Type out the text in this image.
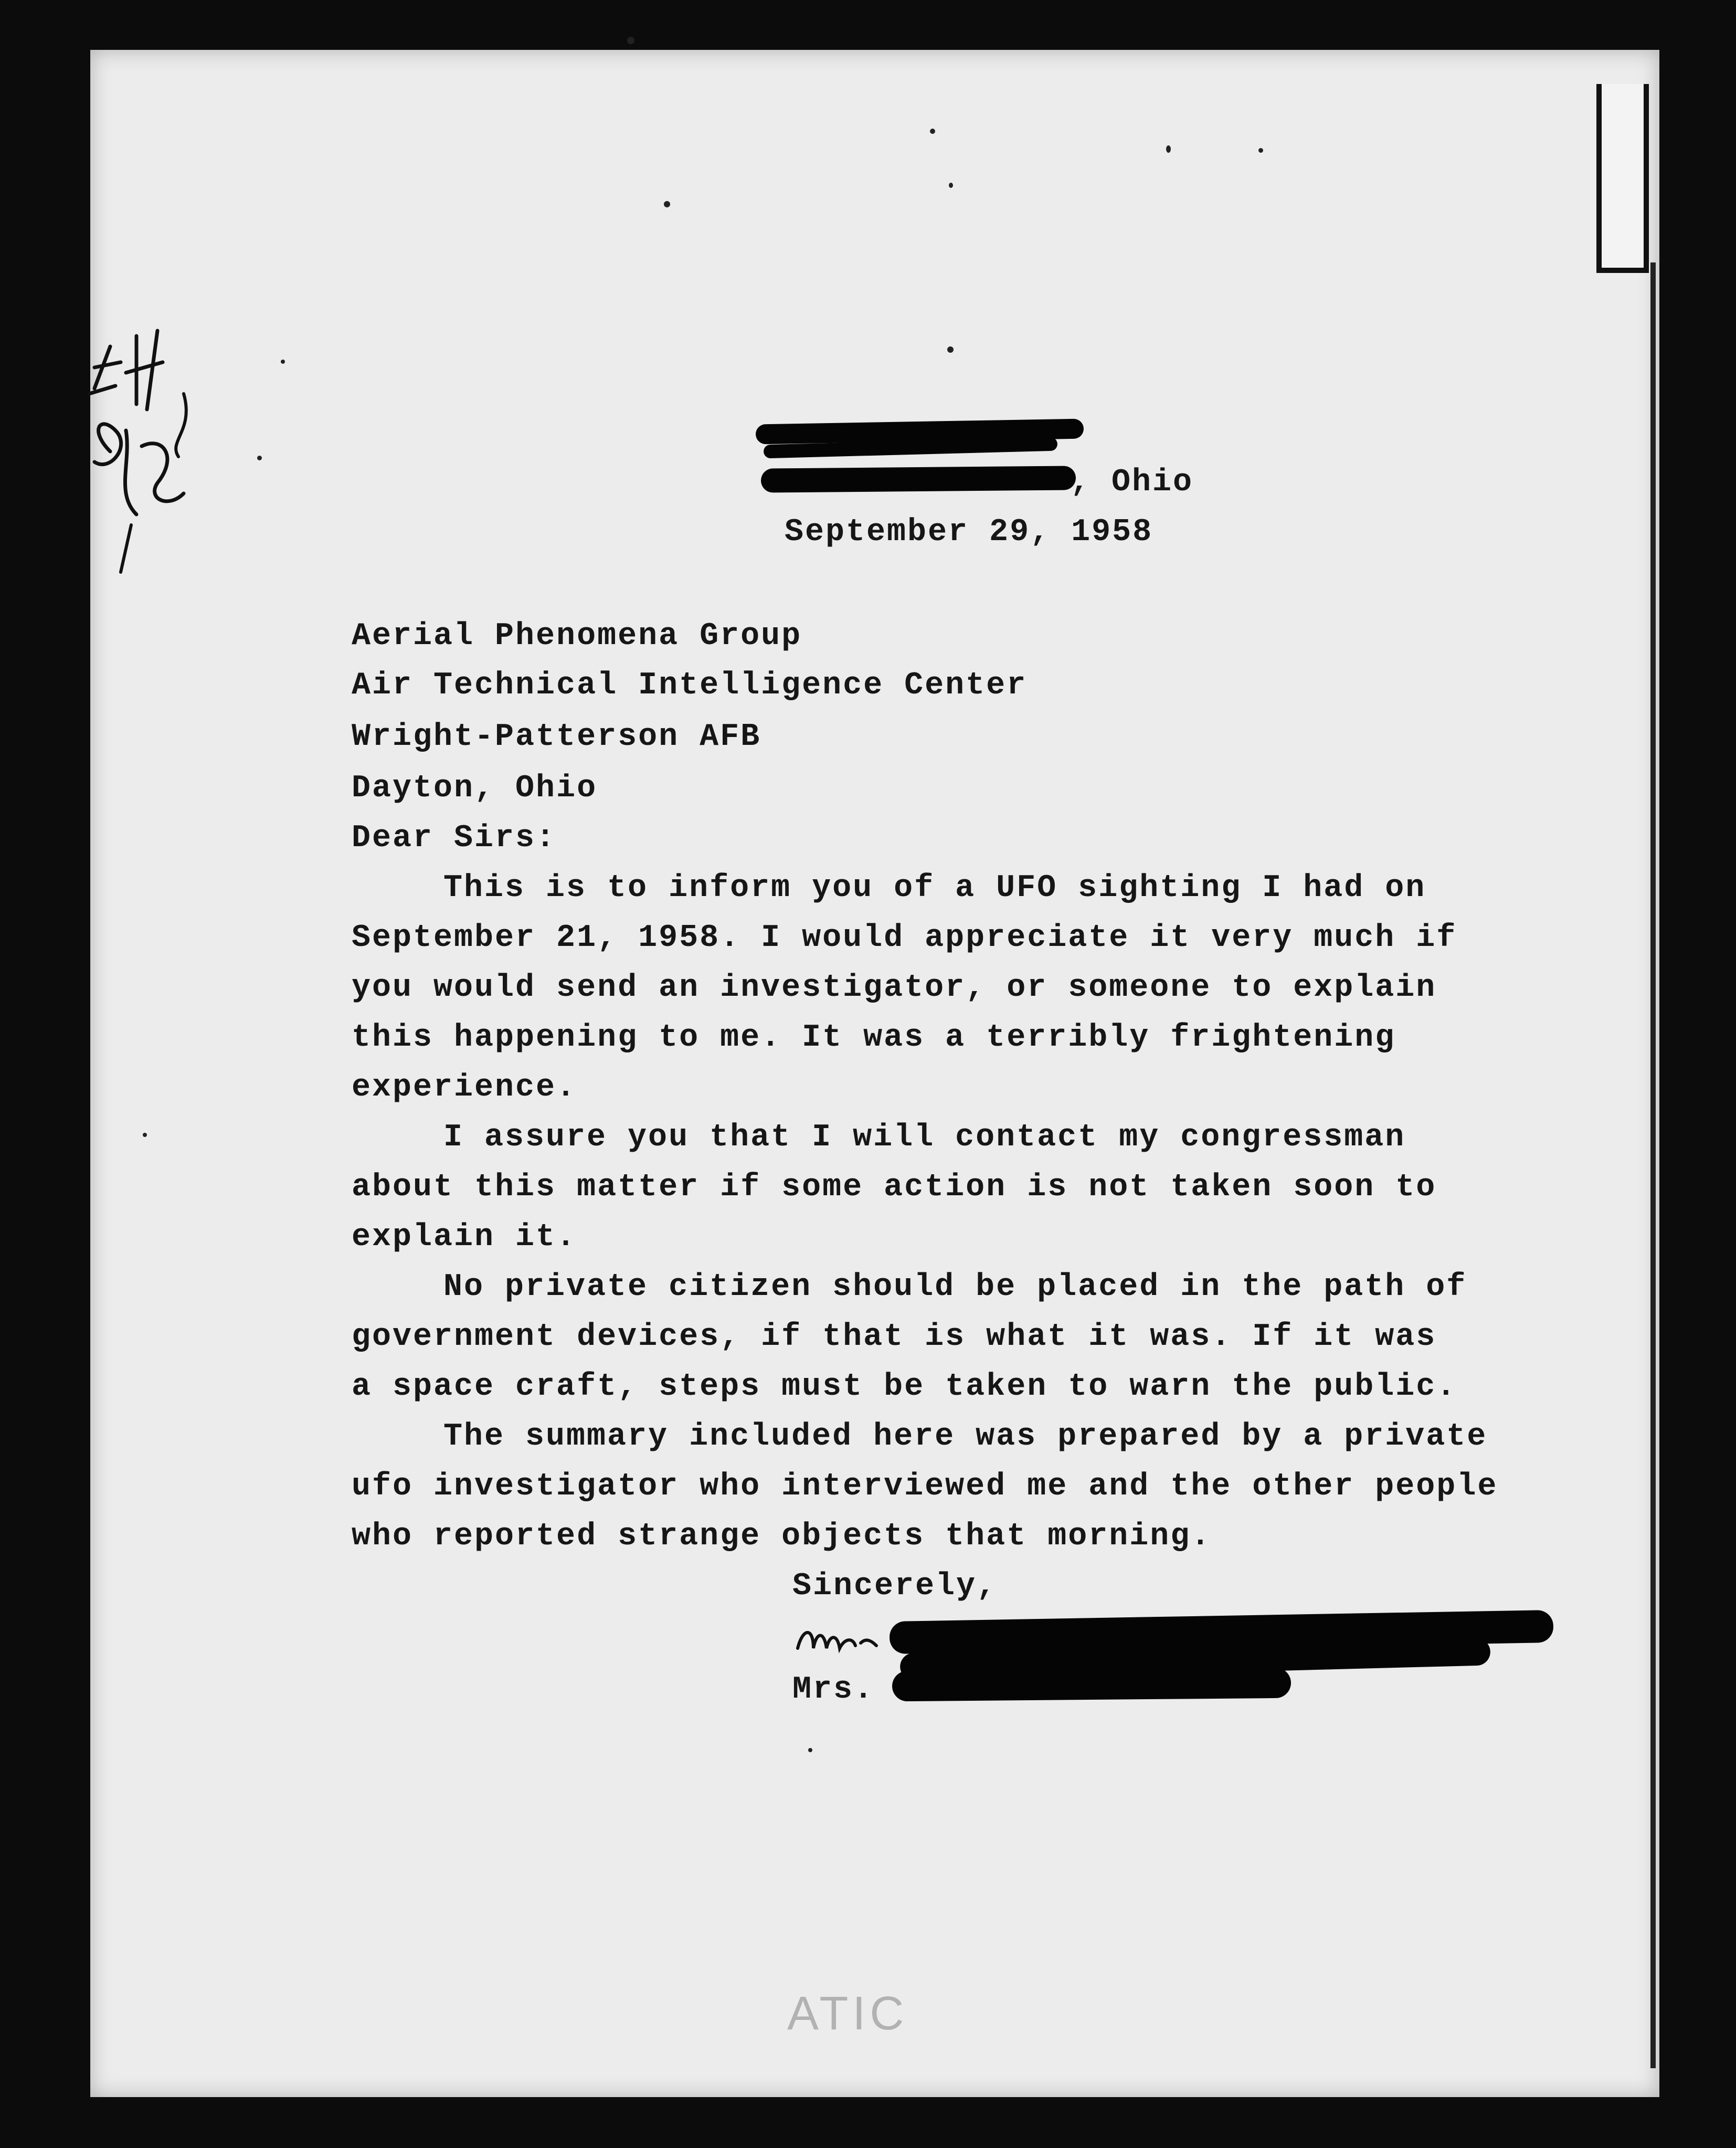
, Ohio
September 29, 1958
Aerial Phenomena Group
Air Technical Intelligence Center
Wright-Patterson AFB
Dayton, Ohio
Dear Sirs:
This is to inform you of a UFO sighting I had on
September 21, 1958. I would appreciate it very much if
you would send an investigator, or someone to explain
this happening to me. It was a terribly frightening
experience.
I assure you that I will contact my congressman
about this matter if some action is not taken soon to
explain it.
No private citizen should be placed in the path of
government devices, if that is what it was. If it was
a space craft, steps must be taken to warn the public.
The summary included here was prepared by a private
ufo investigator who interviewed me and the other people
who reported strange objects that morning.
Sincerely,
Mrs.
ATIC
